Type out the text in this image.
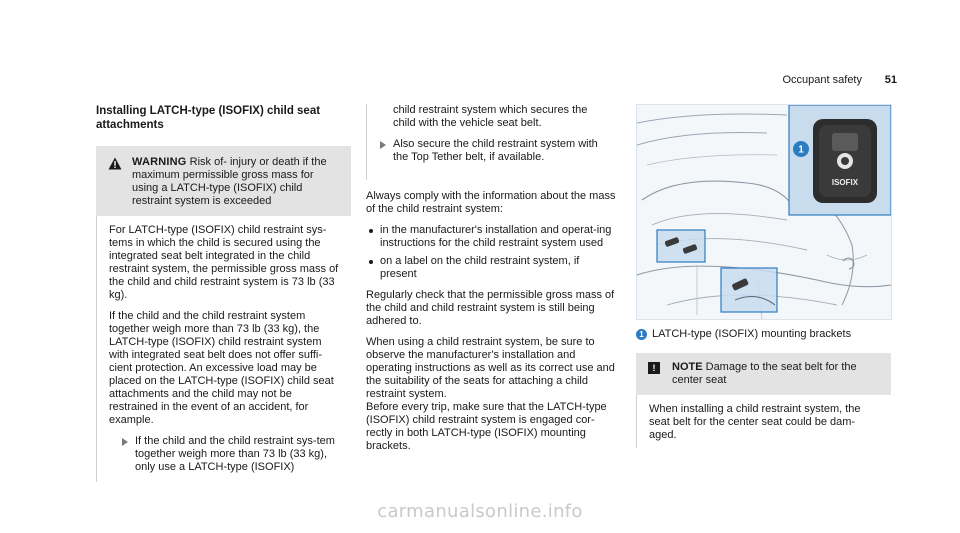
Occupant safety 51
Installing LATCH-type (ISOFIX) child seat attachments
WARNING Risk of- injury or death if the maximum permissible gross mass for using a LATCH-type (ISOFIX) child restraint system is exceeded

For LATCH-type (ISOFIX) child restraint sys-tems in which the child is secured using the integrated seat belt integrated in the child restraint system, the permissible gross mass of the child and child restraint system is 73 lb (33 kg).

If the child and the child restraint system together weigh more than 73 lb (33 kg), the LATCH-type (ISOFIX) child restraint system with integrated seat belt does not offer suffi-cient protection. An excessive load may be placed on the LATCH-type (ISOFIX) child seat attachments and the child may not be restrained in the event of an accident, for example.

If the child and the child restraint sys-tem together weigh more than 73 lb (33 kg), only use a LATCH-type (ISOFIX)
child restraint system which secures the child with the vehicle seat belt.
Also secure the child restraint system with the Top Tether belt, if available.

Always comply with the information about the mass of the child restraint system:

in the manufacturer's installation and operat-ing instructions for the child restraint system used
on a label on the child restraint system, if present

Regularly check that the permissible gross mass of the child and child restraint system is still being adhered to.

When using a child restraint system, be sure to observe the manufacturer's installation and operating instructions as well as its correct use and the suitability of the seats for attaching a child restraint system.

Before every trip, make sure that the LATCH-type (ISOFIX) child restraint system is engaged cor-rectly in both LATCH-type (ISOFIX) mounting brackets.

ISOFIX
1
1 LATCH-type (ISOFIX) mounting brackets
!	NOTE Damage to the seat belt for the center seat
When installing a child restraint system, the seat belt for the center seat could be dam-aged.
carmanualsonline.info
